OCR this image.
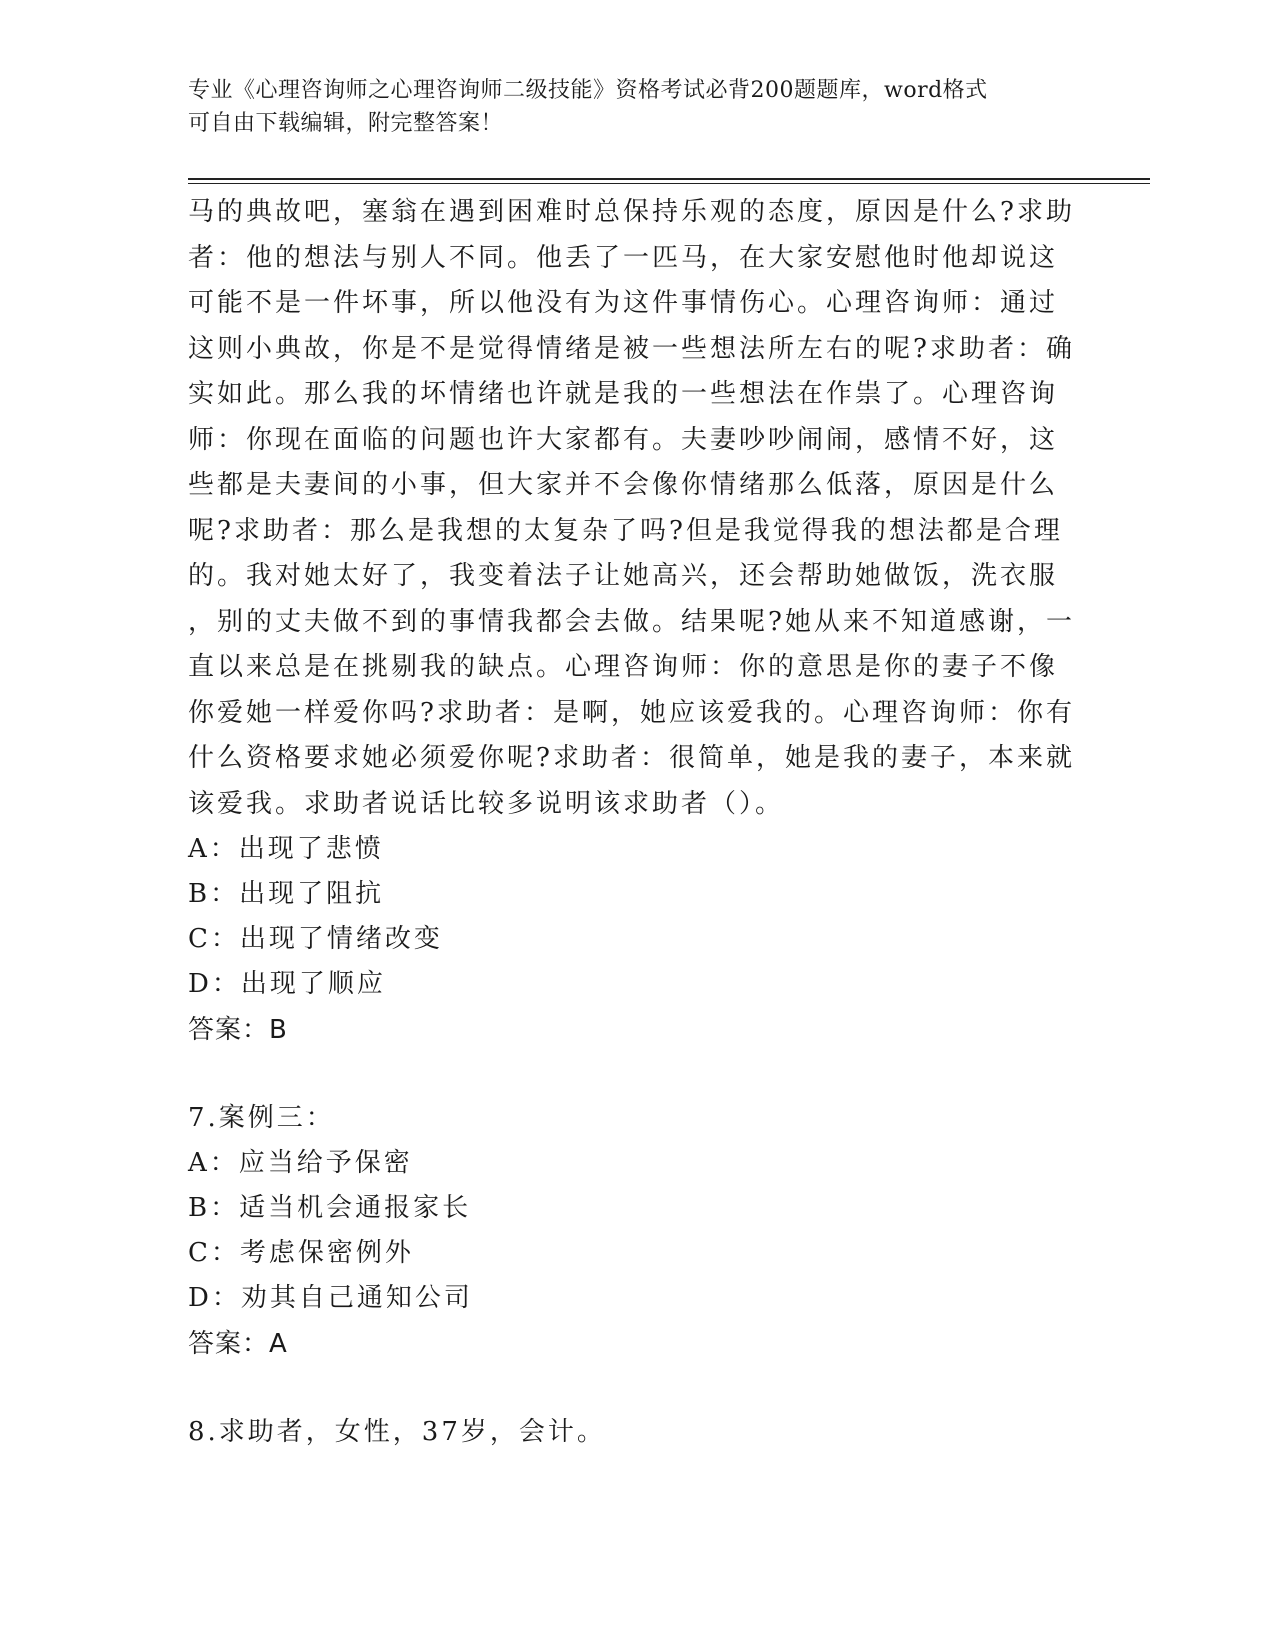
专业《心理咨询师之心理咨询师二级技能》资格考试必背200题题库，word格式
可自由下载编辑，附完整答案！
马的典故吧，塞翁在遇到困难时总保持乐观的态度，原因是什么?求助
者：他的想法与别人不同。他丢了一匹马，在大家安慰他时他却说这
可能不是一件坏事，所以他没有为这件事情伤心。心理咨询师：通过
这则小典故，你是不是觉得情绪是被一些想法所左右的呢?求助者：确
实如此。那么我的坏情绪也许就是我的一些想法在作祟了。心理咨询
师：你现在面临的问题也许大家都有。夫妻吵吵闹闹，感情不好，这
些都是夫妻间的小事，但大家并不会像你情绪那么低落，原因是什么
呢?求助者：那么是我想的太复杂了吗?但是我觉得我的想法都是合理
的。我对她太好了，我变着法子让她高兴，还会帮助她做饭，洗衣服
，别的丈夫做不到的事情我都会去做。结果呢?她从来不知道感谢，一
直以来总是在挑剔我的缺点。心理咨询师：你的意思是你的妻子不像
你爱她一样爱你吗?求助者：是啊，她应该爱我的。心理咨询师：你有
什么资格要求她必须爱你呢?求助者：很简单，她是我的妻子，本来就
该爱我。求助者说话比较多说明该求助者（）。
A：出现了悲愤
B：出现了阻抗
C：出现了情绪改变
D：出现了顺应
答案：B
7.案例三：
A：应当给予保密
B：适当机会通报家长
C：考虑保密例外
D：劝其自己通知公司
答案：A
8.求助者，女性，37岁，会计。
